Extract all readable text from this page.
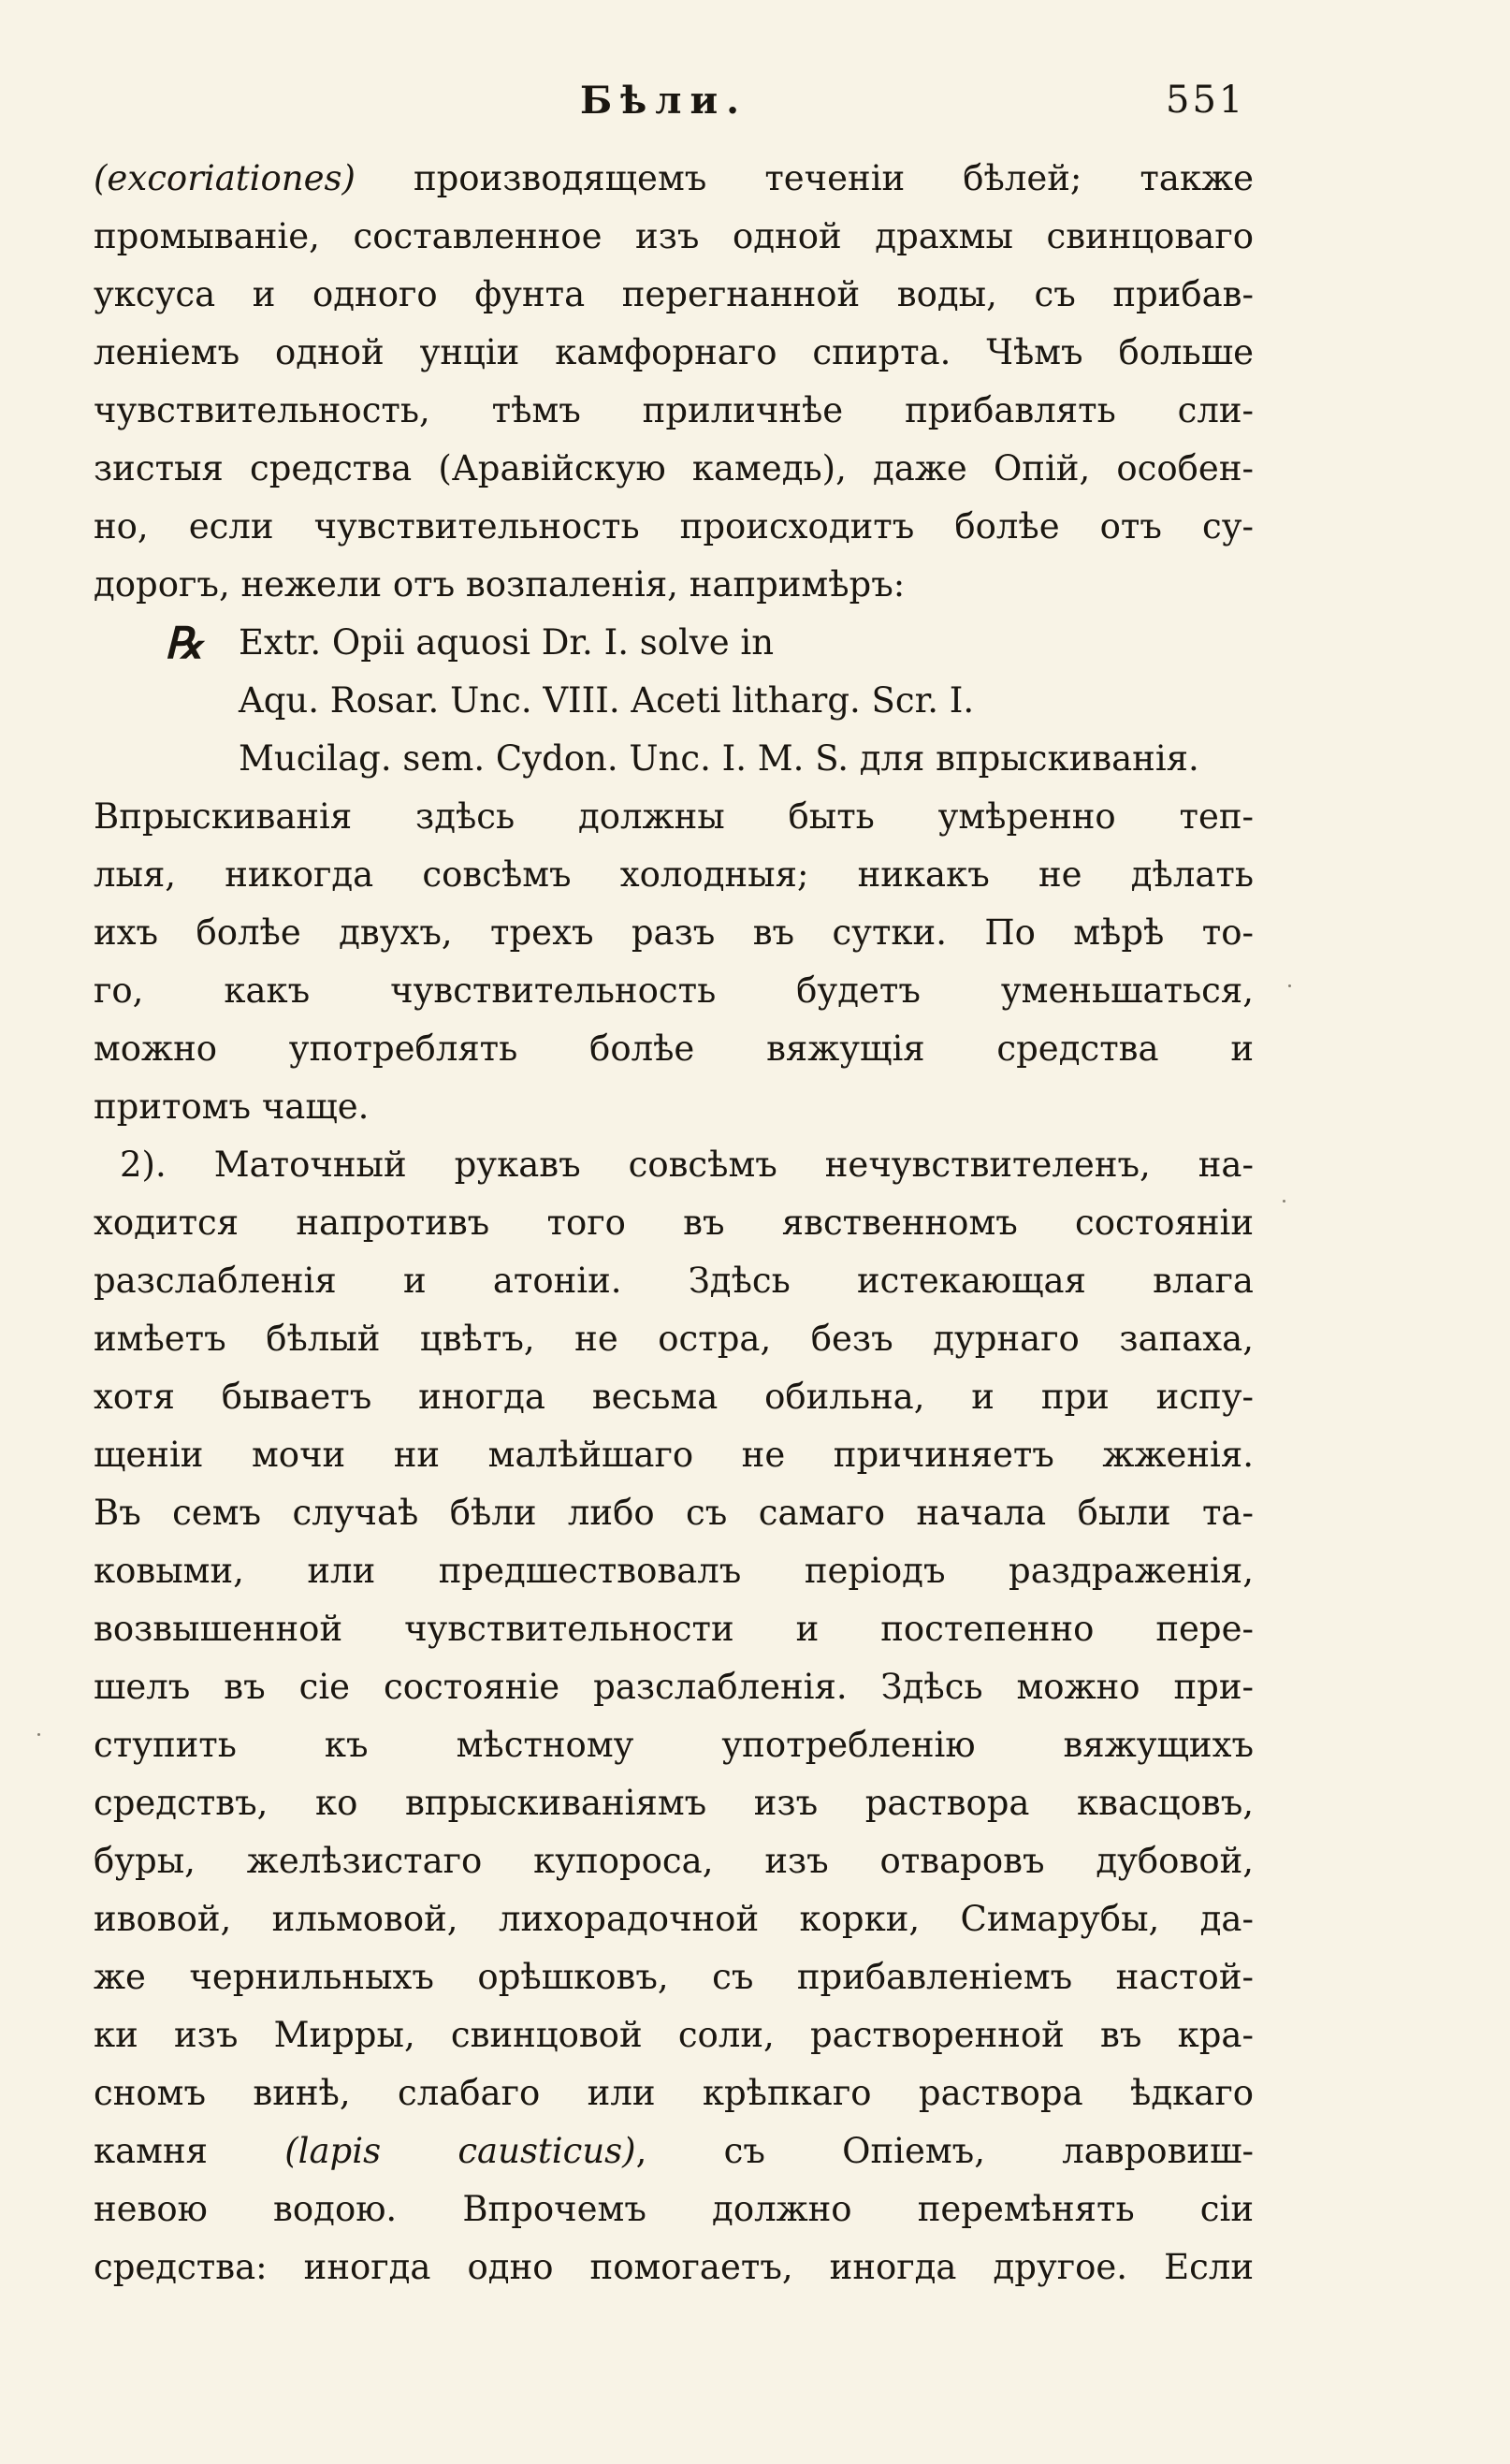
Бѣли.	551
(excoriationes) производящемъ теченіи бѣлей; также
промываніе, составленное изъ одной драхмы свинцоваго
уксуса и одного фунта перегнанной воды, съ прибав-
леніемъ одной унціи камфорнаго спирта. Чѣмъ больше
чувствительность, тѣмъ приличнѣе прибавлять сли-
зистыя средства (Аравійскую камедь), даже Опій, особен-
но, если чувствительность происходитъ болѣе отъ су-
дорогъ, нежели отъ возпаленія, напримѣръ:
℞ Extr. Opii aquosi Dr. I. solve in
Aqu. Rosar. Unc. VIII. Aceti lithаrg. Scr. I.
Mucilag. sem. Cydon. Unc. I. M. S. для впрыскиванія.
Впрыскиванія здѣсь должны быть умѣренно теп-
лыя, никогда совсѣмъ холодныя; никакъ не дѣлать
ихъ болѣе двухъ, трехъ разъ въ сутки. По мѣрѣ то-
го, какъ чувствительность будетъ уменьшаться,
можно употреблять болѣе вяжущія средства и
притомъ чаще.
2). Маточный рукавъ совсѣмъ нечувствителенъ, на-
ходится напротивъ того въ явственномъ состояніи
разслабленія и атоніи. Здѣсь истекающая влага
имѣетъ бѣлый цвѣтъ, не остра, безъ дурнаго запаха,
хотя бываетъ иногда весьма обильна, и при испу-
щеніи мочи ни малѣйшаго не причиняетъ жженія.
Въ семъ случаѣ бѣли либо съ самаго начала были та-
ковыми, или предшествовалъ періодъ раздраженія,
возвышенной чувствительности и постепенно пере-
шелъ въ сіе состояніе разслабленія. Здѣсь можно при-
ступить къ мѣстному употребленію вяжущихъ
средствъ, ко впрыскиваніямъ изъ раствора квасцовъ,
буры, желѣзистаго купороса, изъ отваровъ дубовой,
ивовой, ильмовой, лихорадочной корки, Симарубы, да-
же чернильныхъ орѣшковъ, съ прибавленіемъ настой-
ки изъ Мирры, свинцовой соли, растворенной въ кра-
сномъ винѣ, слабаго или крѣпкаго раствора ѣдкаго
камня (lapis causticus), съ Опіемъ, лавровиш-
невою водою. Впрочемъ должно перемѣнять сіи
средства: иногда одно помогаетъ, иногда другое. Если
